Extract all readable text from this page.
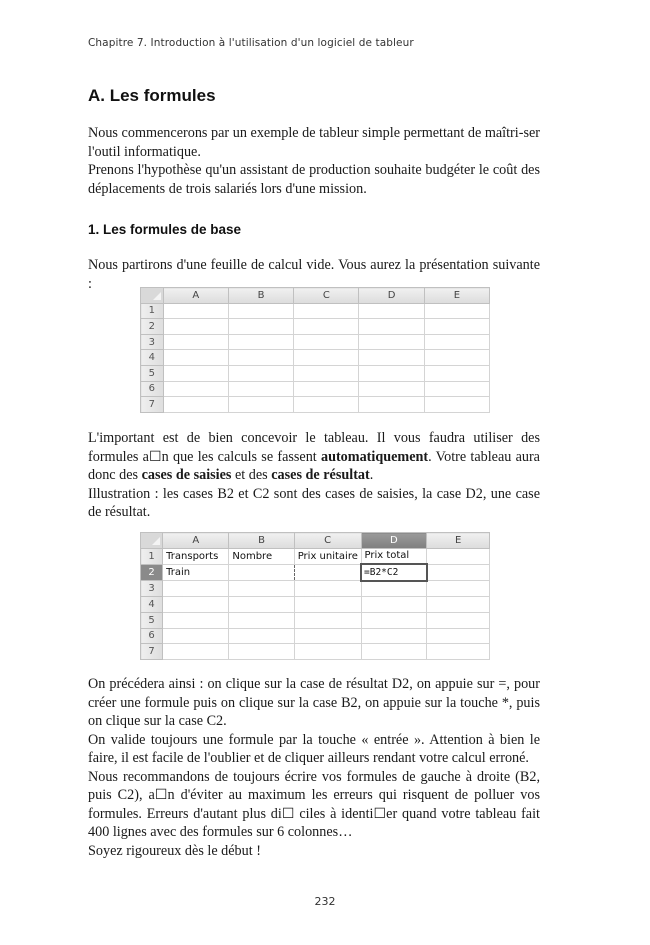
Chapitre 7. Introduction à l'utilisation d'un logiciel de tableur
A. Les formules

Nous commencerons par un exemple de tableur simple permettant de maîtri-ser l'outil informatique.

Prenons l'hypothèse qu'un assistant de production souhaite budgéter le coût des déplacements de trois salariés lors d'une mission.

1. Les formules de base

Nous partirons d'une feuille de calcul vide. Vous aurez la présentation suivante :

	A	B	C	D	E
1					
2					
3					
4					
5					
6					
7					

L'important est de bien concevoir le tableau. Il vous faudra utiliser des formules a☐n que les calculs se fassent automatiquement. Votre tableau aura donc des cases de saisies et des cases de résultat.

Illustration : les cases B2 et C2 sont des cases de saisies, la case D2, une case de résultat.

	A	B	C	D	E
1	Transports	Nombre	Prix unitaire	Prix total	
2	Train			=B2*C2	
3					
4					
5					
6					
7					

On précédera ainsi : on clique sur la case de résultat D2, on appuie sur =, pour créer une formule puis on clique sur la case B2, on appuie sur la touche *, puis on clique sur la case C2.

On valide toujours une formule par la touche « entrée ». Attention à bien le faire, il est facile de l'oublier et de cliquer ailleurs rendant votre calcul erroné.

Nous recommandons de toujours écrire vos formules de gauche à droite (B2, puis C2), a☐n d'éviter au maximum les erreurs qui risquent de polluer vos formules. Erreurs d'autant plus di☐ ciles à identi☐er quand votre tableau fait 400 lignes avec des formules sur 6 colonnes…

Soyez rigoureux dès le début !

232
